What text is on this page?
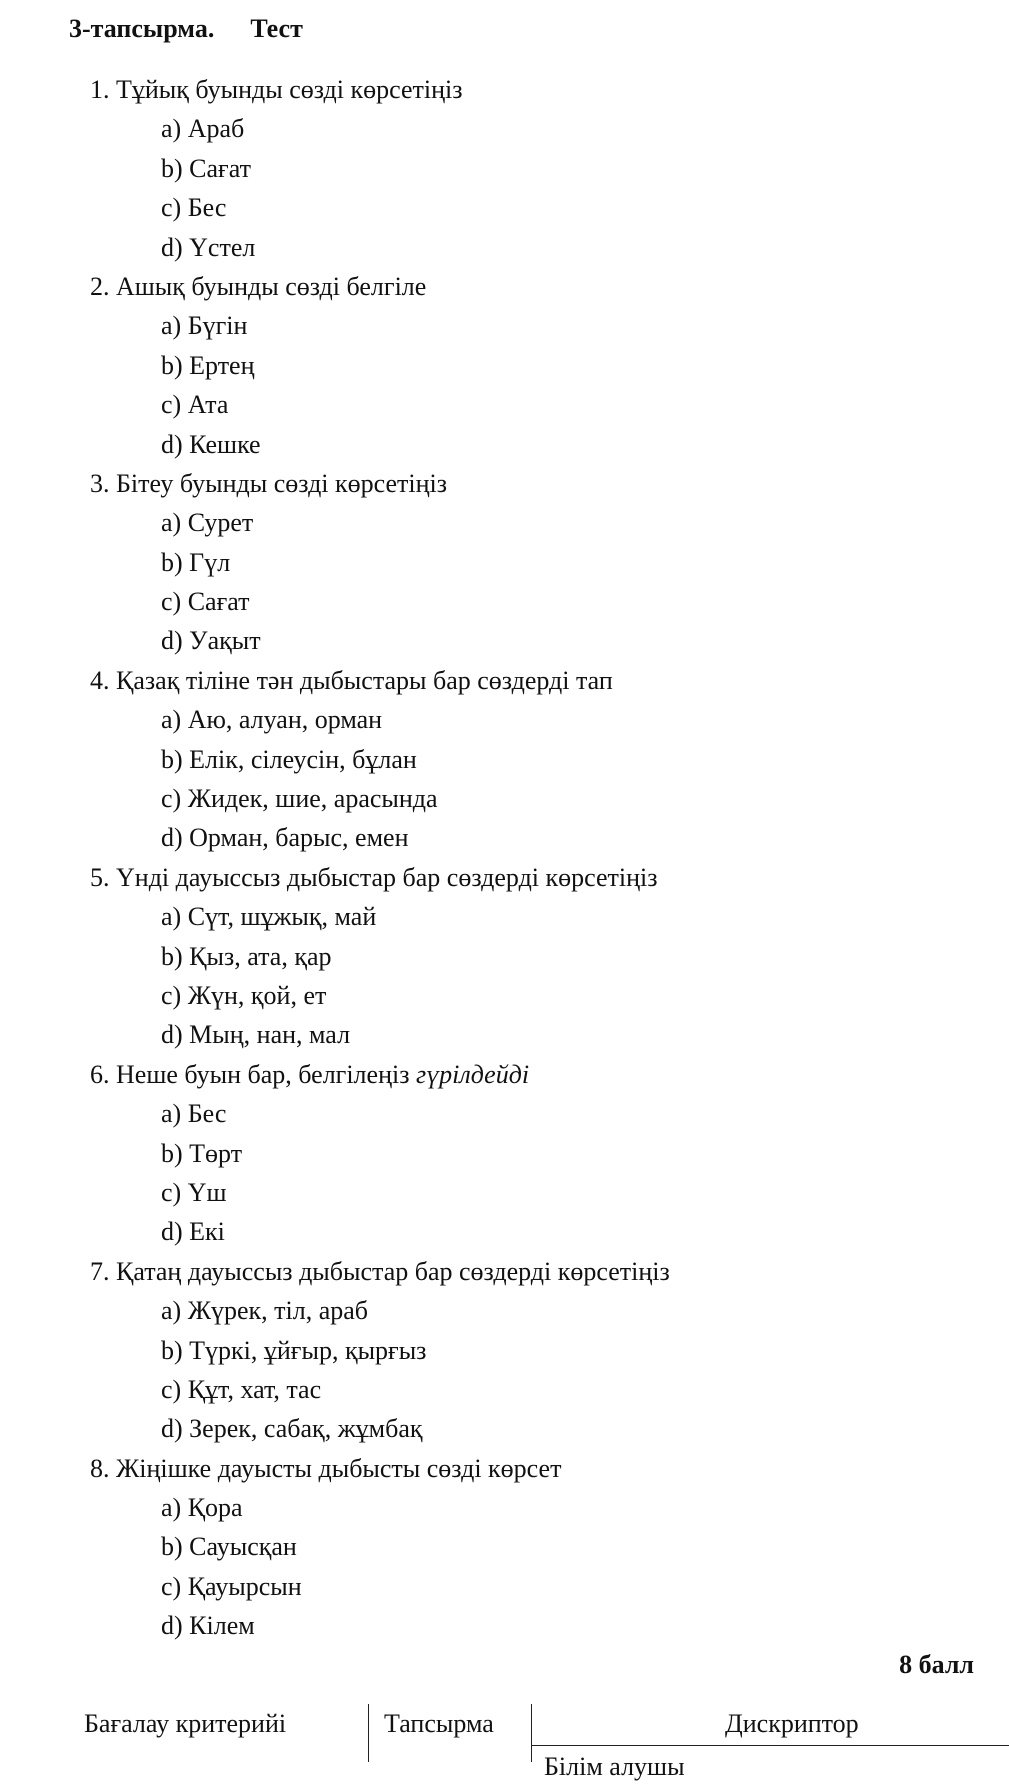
3-тапсырма. Тест
1. Тұйық буынды сөзді көрсетіңіз
a) Араб
b) Сағат
c) Бес
d) Үстел
2. Ашық буынды сөзді белгіле
a) Бүгін
b) Ертең
c) Ата
d) Кешке
3. Бітеу буынды сөзді көрсетіңіз
a) Сурет
b) Гүл
c) Сағат
d) Уақыт
4. Қазақ тіліне тән дыбыстары бар сөздерді тап
a) Аю, алуан, орман
b) Елік, сілеусін, бұлан
c) Жидек, шие, арасында
d) Орман, барыс, емен
5. Үнді дауыссыз дыбыстар бар сөздерді көрсетіңіз
a) Сүт, шұжық, май
b) Қыз, ата, қар
c) Жүн, қой, ет
d) Мың, нан, мал
6. Неше буын бар, белгілеңіз гүрілдейді
a) Бес
b) Төрт
c) Үш
d) Екі
7. Қатаң дауыссыз дыбыстар бар сөздерді көрсетіңіз
a) Жүрек, тіл, араб
b) Түркі, ұйғыр, қырғыз
c) Құт, хат, тас
d) Зерек, сабақ, жұмбақ
8. Жіңішке дауысты дыбысты сөзді көрсет
a) Қора
b) Сауысқан
c) Қауырсын
d) Кілем
8 балл
Бағалау критерийі	Тапсырма	Дискриптор
Білім алушы
